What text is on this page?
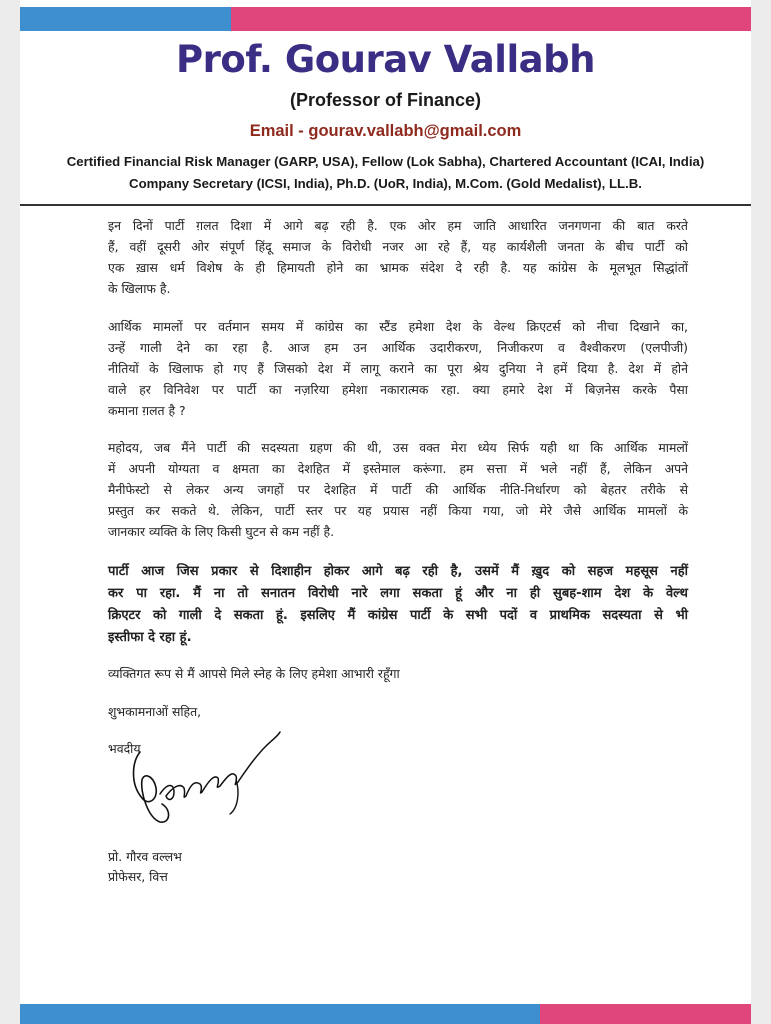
Prof. Gourav Vallabh
(Professor of Finance)
Email - gourav.vallabh@gmail.com
Certified Financial Risk Manager (GARP, USA), Fellow (Lok Sabha), Chartered Accountant (ICAI, India)
Company Secretary (ICSI, India), Ph.D. (UoR, India), M.Com. (Gold Medalist), LL.B.
इन दिनों पार्टी ग़लत दिशा में आगे बढ़ रही है. एक ओर हम जाति आधारित जनगणना की बात करते
हैं, वहीं दूसरी ओर संपूर्ण हिंदू समाज के विरोधी नजर आ रहे हैं, यह कार्यशैली जनता के बीच पार्टी को
एक ख़ास धर्म विशेष के ही हिमायती होने का भ्रामक संदेश दे रही है. यह कांग्रेस के मूलभूत सिद्धांतों
के खिलाफ है.
आर्थिक मामलों पर वर्तमान समय में कांग्रेस का स्टैंड हमेशा देश के वेल्थ क्रिएटर्स को नीचा दिखाने का,
उन्हें गाली देने का रहा है. आज हम उन आर्थिक उदारीकरण, निजीकरण व वैश्वीकरण (एलपीजी)
नीतियों के खिलाफ हो गए हैं जिसको देश में लागू कराने का पूरा श्रेय दुनिया ने हमें दिया है. देश में होने
वाले हर विनिवेश पर पार्टी का नज़रिया हमेशा नकारात्मक रहा. क्या हमारे देश में बिज़नेस करके पैसा
कमाना ग़लत है ?
महोदय, जब मैंने पार्टी की सदस्यता ग्रहण की थी, उस वक्त मेरा ध्येय सिर्फ यही था कि आर्थिक मामलों
में अपनी योग्यता व क्षमता का देशहित में इस्तेमाल करूंगा. हम सत्ता में भले नहीं हैं, लेकिन अपने
मैनीफेस्टो से लेकर अन्य जगहों पर देशहित में पार्टी की आर्थिक नीति-निर्धारण को बेहतर तरीके से
प्रस्तुत कर सकते थे. लेकिन, पार्टी स्तर पर यह प्रयास नहीं किया गया, जो मेरे जैसे आर्थिक मामलों के
जानकार व्यक्ति के लिए किसी घुटन से कम नहीं है.
पार्टी आज जिस प्रकार से दिशाहीन होकर आगे बढ़ रही है, उसमें मैं ख़ुद को सहज महसूस नहीं
कर पा रहा. मैं ना तो सनातन विरोधी नारे लगा सकता हूं और ना ही सुबह-शाम देश के वेल्थ
क्रिएटर को गाली दे सकता हूं. इसलिए मैं कांग्रेस पार्टी के सभी पदों व प्राथमिक सदस्यता से भी
इस्तीफा दे रहा हूं.
व्यक्तिगत रूप से मैं आपसे मिले स्नेह के लिए हमेशा आभारी रहूँगा
शुभकामनाओं सहित,
भवदीय
प्रो. गौरव वल्लभ
प्रोफेसर, वित्त
